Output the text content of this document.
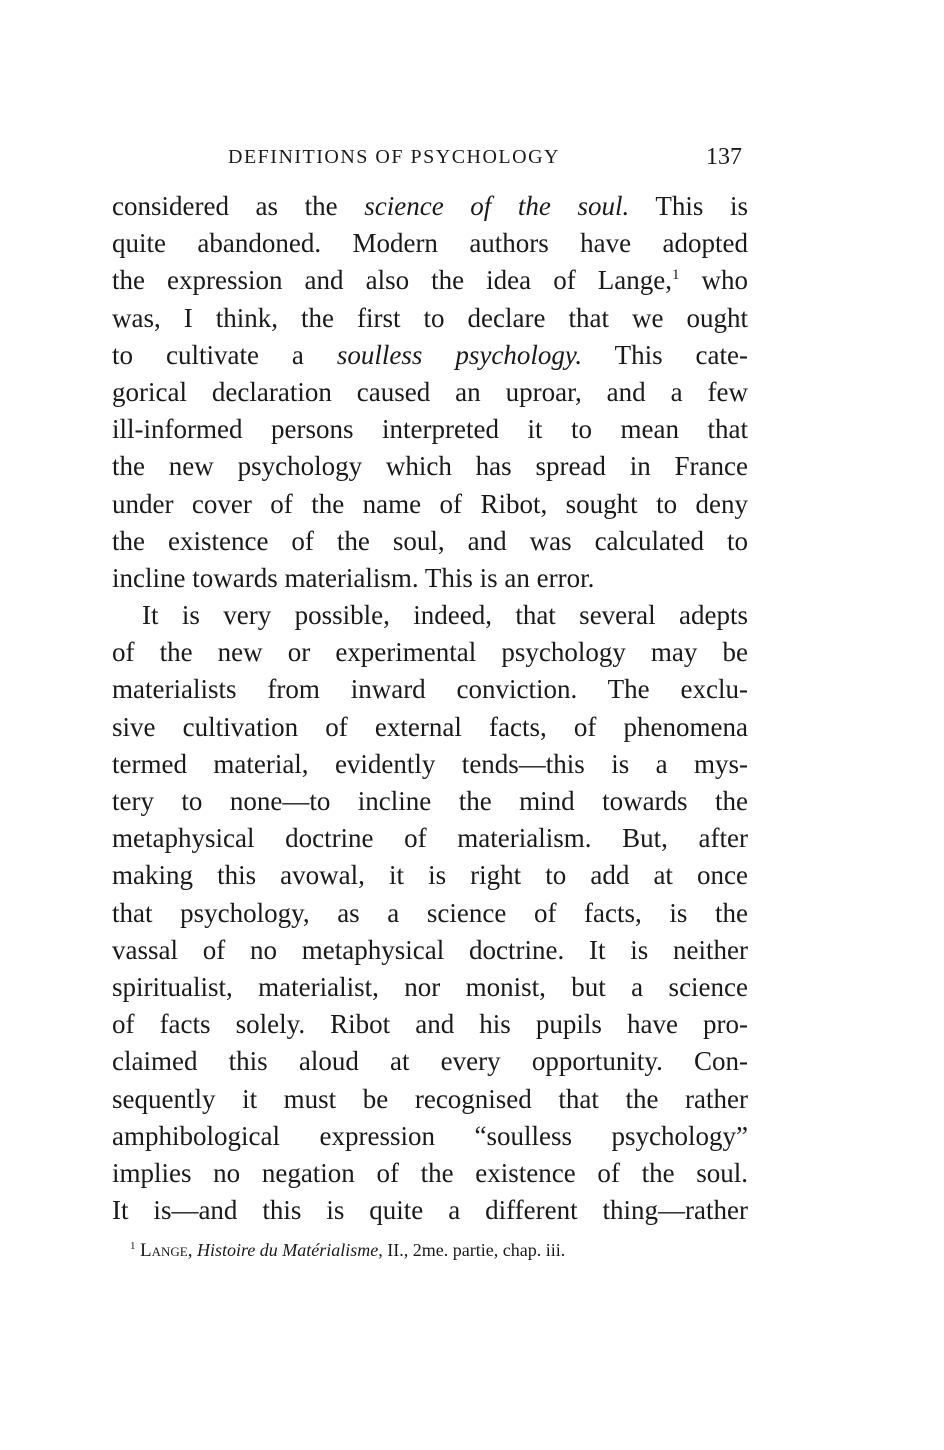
DEFINITIONS OF PSYCHOLOGY	137
considered as the science of the soul. This is
quite abandoned. Modern authors have adopted
the expression and also the idea of Lange,$^1$ who
was, I think, the first to declare that we ought
to cultivate a soulless psychology. This cate-
gorical declaration caused an uproar, and a few
ill-informed persons interpreted it to mean that
the new psychology which has spread in France
under cover of the name of Ribot, sought to deny
the existence of the soul, and was calculated to
incline towards materialism. This is an error.
It is very possible, indeed, that several adepts
of the new or experimental psychology may be
materialists from inward conviction. The exclu-
sive cultivation of external facts, of phenomena
termed material, evidently tends—this is a mys-
tery to none—to incline the mind towards the
metaphysical doctrine of materialism. But, after
making this avowal, it is right to add at once
that psychology, as a science of facts, is the
vassal of no metaphysical doctrine. It is neither
spiritualist, materialist, nor monist, but a science
of facts solely. Ribot and his pupils have pro-
claimed this aloud at every opportunity. Con-
sequently it must be recognised that the rather
amphibological expression “soulless psychology”
implies no negation of the existence of the soul.
It is—and this is quite a different thing—rather
$^1$ Lange, Histoire du Matérialisme, II., 2me. partie, chap. iii.
